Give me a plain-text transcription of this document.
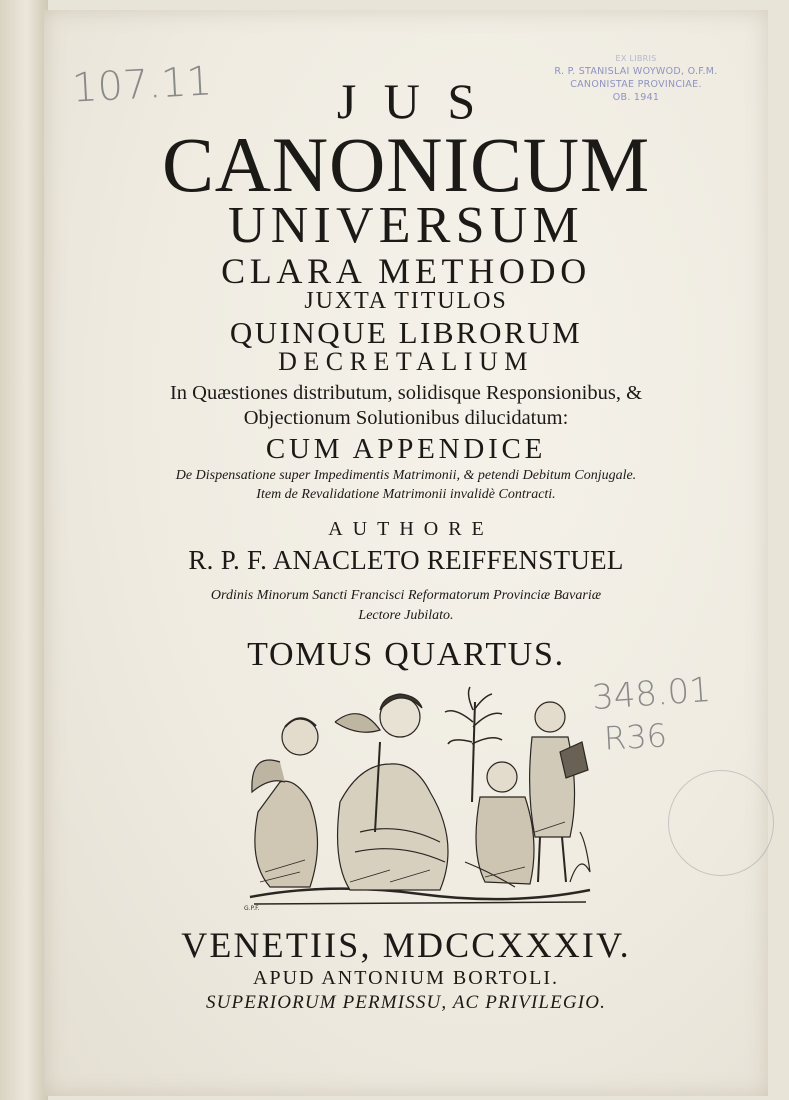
107.11	EX LIBRIS
R. P. STANISLAI WOYWOD, O.F.M.
CANONISTAE PROVINCIAE.
OB. 1941
JUS
CANONICUM
UNIVERSUM
CLARA METHODO
JUXTA TITULOS
QUINQUE LIBRORUM
DECRETALIUM
In Quæstiones distributum, solidisque Responsionibus, &
Objectionum Solutionibus dilucidatum:
CUM APPENDICE
De Dispensatione super Impedimentis Matrimonii, & petendi Debitum Conjugale.
Item de Revalidatione Matrimonii invalidè Contracti.
AUTHORE
R. P. F. ANACLETO REIFFENSTUEL
Ordinis Minorum Sancti Francisci Reformatorum Provinciæ Bavariæ
Lectore Jubilato.
TOMUS QUARTUS.
348.01
R36
G.P.F.
VENETIIS, MDCCXXXIV.
APUD ANTONIUM BORTOLI.
SUPERIORUM PERMISSU, AC PRIVILEGIO.
